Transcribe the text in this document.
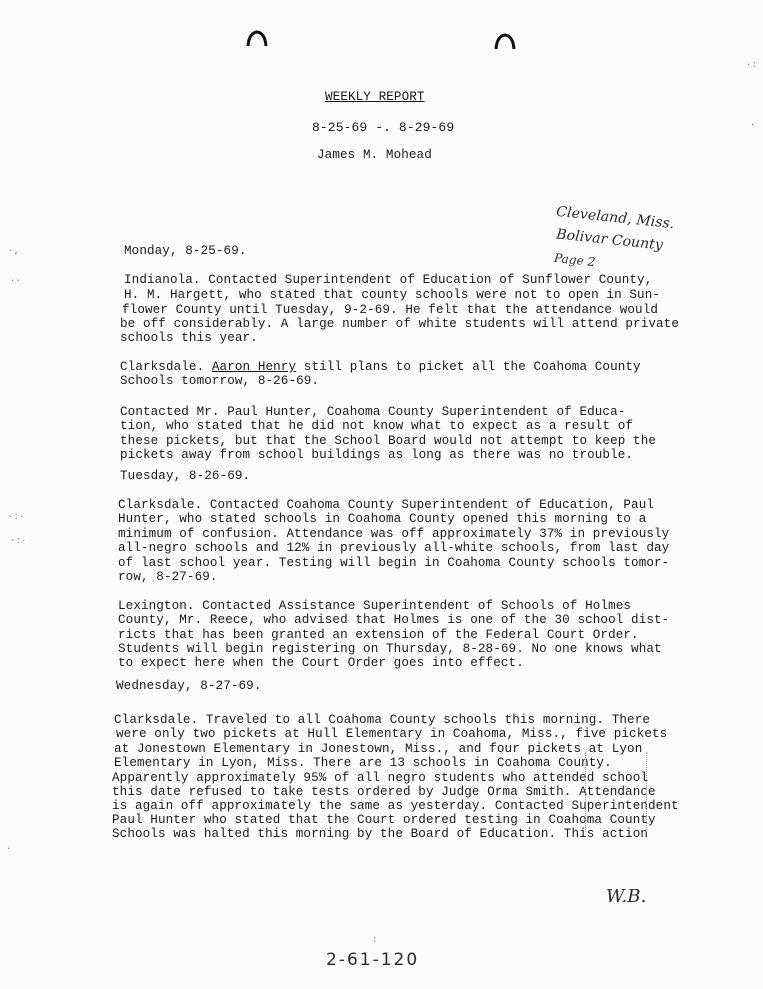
WEEKLY REPORT
8-25-69 -. 8-29-69
James M. Mohead
Cleveland, Miss.
Bolivar County
Page 2
Monday, 8-25-69.
Indianola. Contacted Superintendent of Education of Sunflower County,
H. M. Hargett, who stated that county schools were not to open in Sun-
flower County until Tuesday, 9-2-69. He felt that the attendance would
be off considerably. A large number of white students will attend private
schools this year.
Clarksdale. Aaron Henry still plans to picket all the Coahoma County
Schools tomorrow, 8-26-69.
Contacted Mr. Paul Hunter, Coahoma County Superintendent of Educa-
tion, who stated that he did not know what to expect as a result of
these pickets, but that the School Board would not attempt to keep the
pickets away from school buildings as long as there was no trouble.
Tuesday, 8-26-69.
Clarksdale. Contacted Coahoma County Superintendent of Education, Paul
Hunter, who stated schools in Coahoma County opened this morning to a
minimum of confusion. Attendance was off approximately 37% in previously
all-negro schools and 12% in previously all-white schools, from last day
of last school year. Testing will begin in Coahoma County schools tomor-
row, 8-27-69.
Lexington. Contacted Assistance Superintendent of Schools of Holmes
County, Mr. Reece, who advised that Holmes is one of the 30 school dist-
ricts that has been granted an extension of the Federal Court Order.
Students will begin registering on Thursday, 8-28-69. No one knows what
to expect here when the Court Order goes into effect.
Wednesday, 8-27-69.
Clarksdale. Traveled to all Coahoma County schools this morning. There
were only two pickets at Hull Elementary in Coahoma, Miss., five pickets
at Jonestown Elementary in Jonestown, Miss., and four pickets at Lyon
Elementary in Lyon, Miss. There are 13 schools in Coahoma County.
Apparently approximately 95% of all negro students who attended school
this date refused to take tests ordered by Judge Orma Smith. Attendance
is again off approximately the same as yesterday. Contacted Superintendent
Paul Hunter who stated that the Court ordered testing in Coahoma County
Schools was halted this morning by the Board of Education. This action
W.B.
2-61-120
·‚
··
·:·
·:·
·
·:
·
:
